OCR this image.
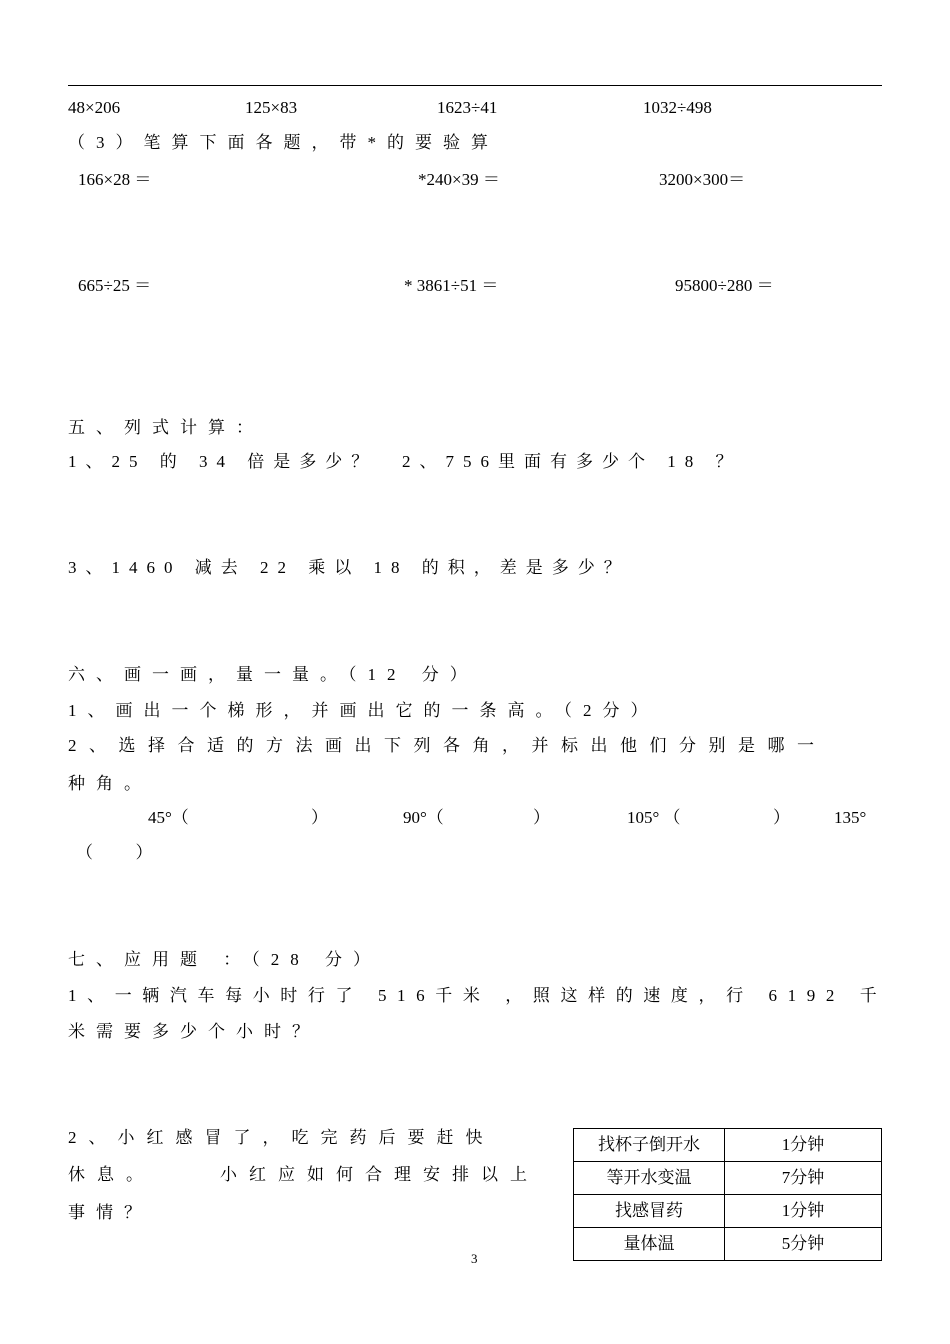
48×206	125×83	1623÷41	1032÷498
（3）笔算下面各题，带*的要验算
166×28 ＝	*240×39 ＝	3200×300＝
665÷25 ＝	* 3861÷51 ＝	95800÷280 ＝
五、列式计算：
1、25 的 34 倍是多少？ 2、756里面有多少个 18 ？
3、1460 减去 22 乘以 18 的积，差是多少？
六、画一画，量一量。（12 分）
1、画出一个梯形，并画出它的一条高。（2分）
2、选择合适的方法画出下列各角，并标出他们分别是哪一
种角。
45°（	）	90°（	）	105° （	）	135°
（          ）
七、应用题 ：（28 分）
1、一辆汽车每小时行了 516千米 ，照这样的速度，行 6192 千
米需要多少个小时？
2、小红感冒了，吃完药后要赶快
休息。    小红应如何合理安排以上
事情？
找杯子倒开水	1分钟
等开水变温	7分钟
找感冒药	1分钟
量体温	5分钟
3
